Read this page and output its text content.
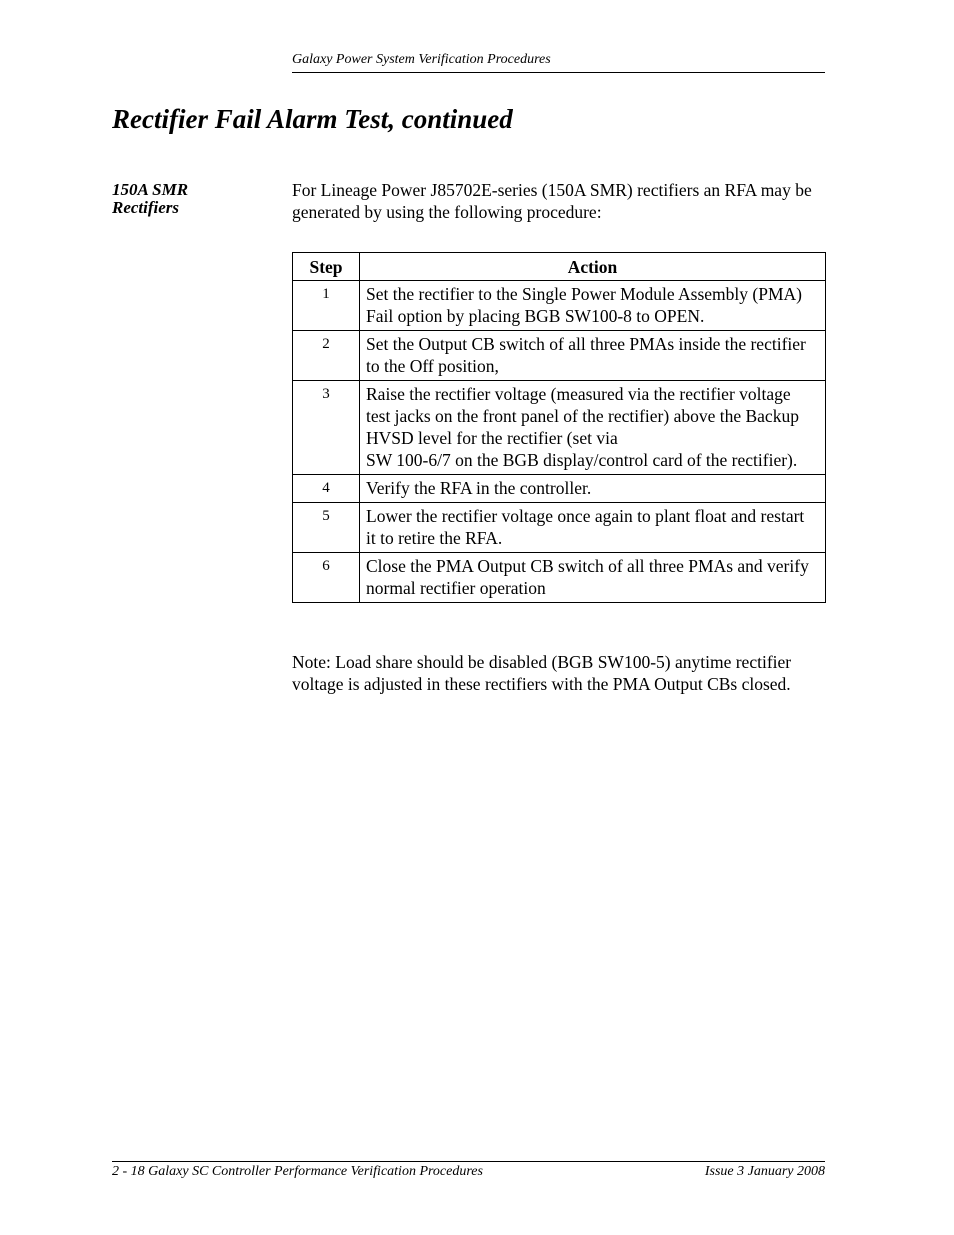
Galaxy Power System Verification Procedures
Rectifier Fail Alarm Test, continued
150A SMR
Rectifiers

For Lineage Power J85702E-series (150A SMR) rectifiers an RFA may be generated by using the following procedure:

Step	Action
1	Set the rectifier to the Single Power Module Assembly (PMA) Fail option by placing BGB SW100-8 to OPEN.
2	Set the Output CB switch of all three PMAs inside the rectifier to the Off position,
3	Raise the rectifier voltage (measured via the rectifier voltage test jacks on the front panel of the rectifier) above the Backup HVSD level for the rectifier (set via
SW 100-6/7 on the BGB display/control card of the rectifier).

4	Verify the RFA in the controller.
5	Lower the rectifier voltage once again to plant float and restart it to retire the RFA.
6	Close the PMA Output CB switch of all three PMAs and verify normal rectifier operation

Note: Load share should be disabled (BGB SW100-5) anytime rectifier voltage is adjusted in these rectifiers with the PMA Output CBs closed.

2 - 18 Galaxy SC Controller Performance Verification Procedures	Issue 3 January 2008
